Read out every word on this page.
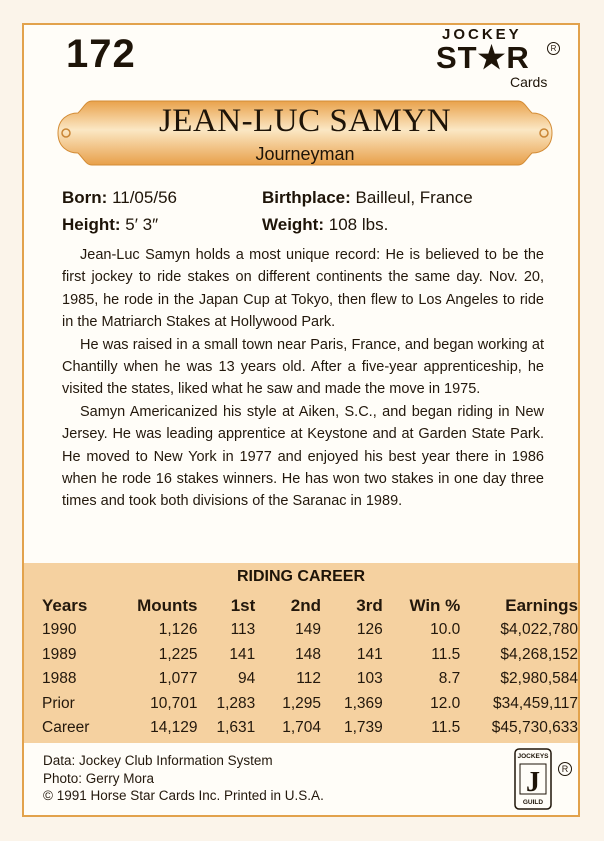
172	JOCKEY
ST★R
Cards
R
JEAN-LUC SAMYN
Journeyman
Born: 11/05/56	Birthplace: Bailleul, France
Height: 5′ 3″	Weight: 108 lbs.

Jean-Luc Samyn holds a most unique record: He is believed to be the first jockey to ride stakes on different continents the same day. Nov. 20, 1985, he rode in the Japan Cup at Tokyo, then flew to Los Angeles to ride in the Matriarch Stakes at Hollywood Park.

He was raised in a small town near Paris, France, and began working at Chantilly when he was 13 years old. After a five-year apprenticeship, he visited the states, liked what he saw and made the move in 1975.

Samyn Americanized his style at Aiken, S.C., and began riding in New Jersey. He was leading apprentice at Keystone and at Garden State Park. He moved to New York in 1977 and enjoyed his best year there in 1986 when he rode 16 stakes winners. He has won two stakes in one day three times and took both divisions of the Saranac in 1989.

RIDING CAREER
Years	Mounts	1st	2nd	3rd	Win %	Earnings
1990	1,126	113	149	126	10.0	$4,022,780
1989	1,225	141	148	141	11.5	$4,268,152
1988	1,077	94	112	103	8.7	$2,980,584
Prior	10,701	1,283	1,295	1,369	12.0	$34,459,117
Career	14,129	1,631	1,704	1,739	11.5	$45,730,633
Data: Jockey Club Information System
Photo: Gerry Mora
© 1991 Horse Star Cards Inc. Printed in U.S.A.
JOCKEYS
J
GUILD
R
